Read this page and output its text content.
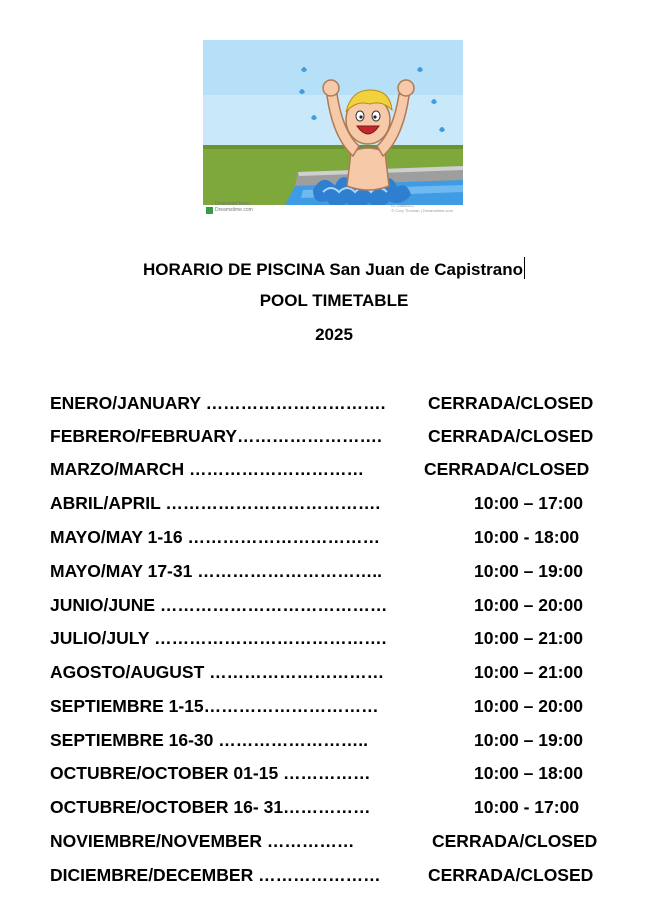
Download from
Dreamstime.com
ID 33864512
© Cory Thoman | Dreamstime.com
HORARIO DE PISCINA San Juan de Capistrano
POOL TIMETABLE
2025
ENERO/JANUARY …………………………. CERRADA/CLOSED
FEBRERO/FEBRUARY…………………….	CERRADA/CLOSED
MARZO/MARCH …………………………	CERRADA/CLOSED
ABRIL/APRIL ……………………………….	10:00 – 17:00
MAYO/MAY 1-16 ……………………………	10:00 - 18:00
MAYO/MAY 17-31 …………………………..	10:00 – 19:00
JUNIO/JUNE …………………………………	10:00 – 20:00
JULIO/JULY ………………………………….	10:00 – 21:00
AGOSTO/AUGUST …………………………	10:00 – 21:00
SEPTIEMBRE 1-15…………………………	10:00 – 20:00
SEPTIEMBRE 16-30 ……………………..	10:00 – 19:00
OCTUBRE/OCTOBER 01-15 ……………	10:00 – 18:00
OCTUBRE/OCTOBER 16- 31……………	10:00 - 17:00
NOVIEMBRE/NOVEMBER ……………	CERRADA/CLOSED
DICIEMBRE/DECEMBER …………………	CERRADA/CLOSED
